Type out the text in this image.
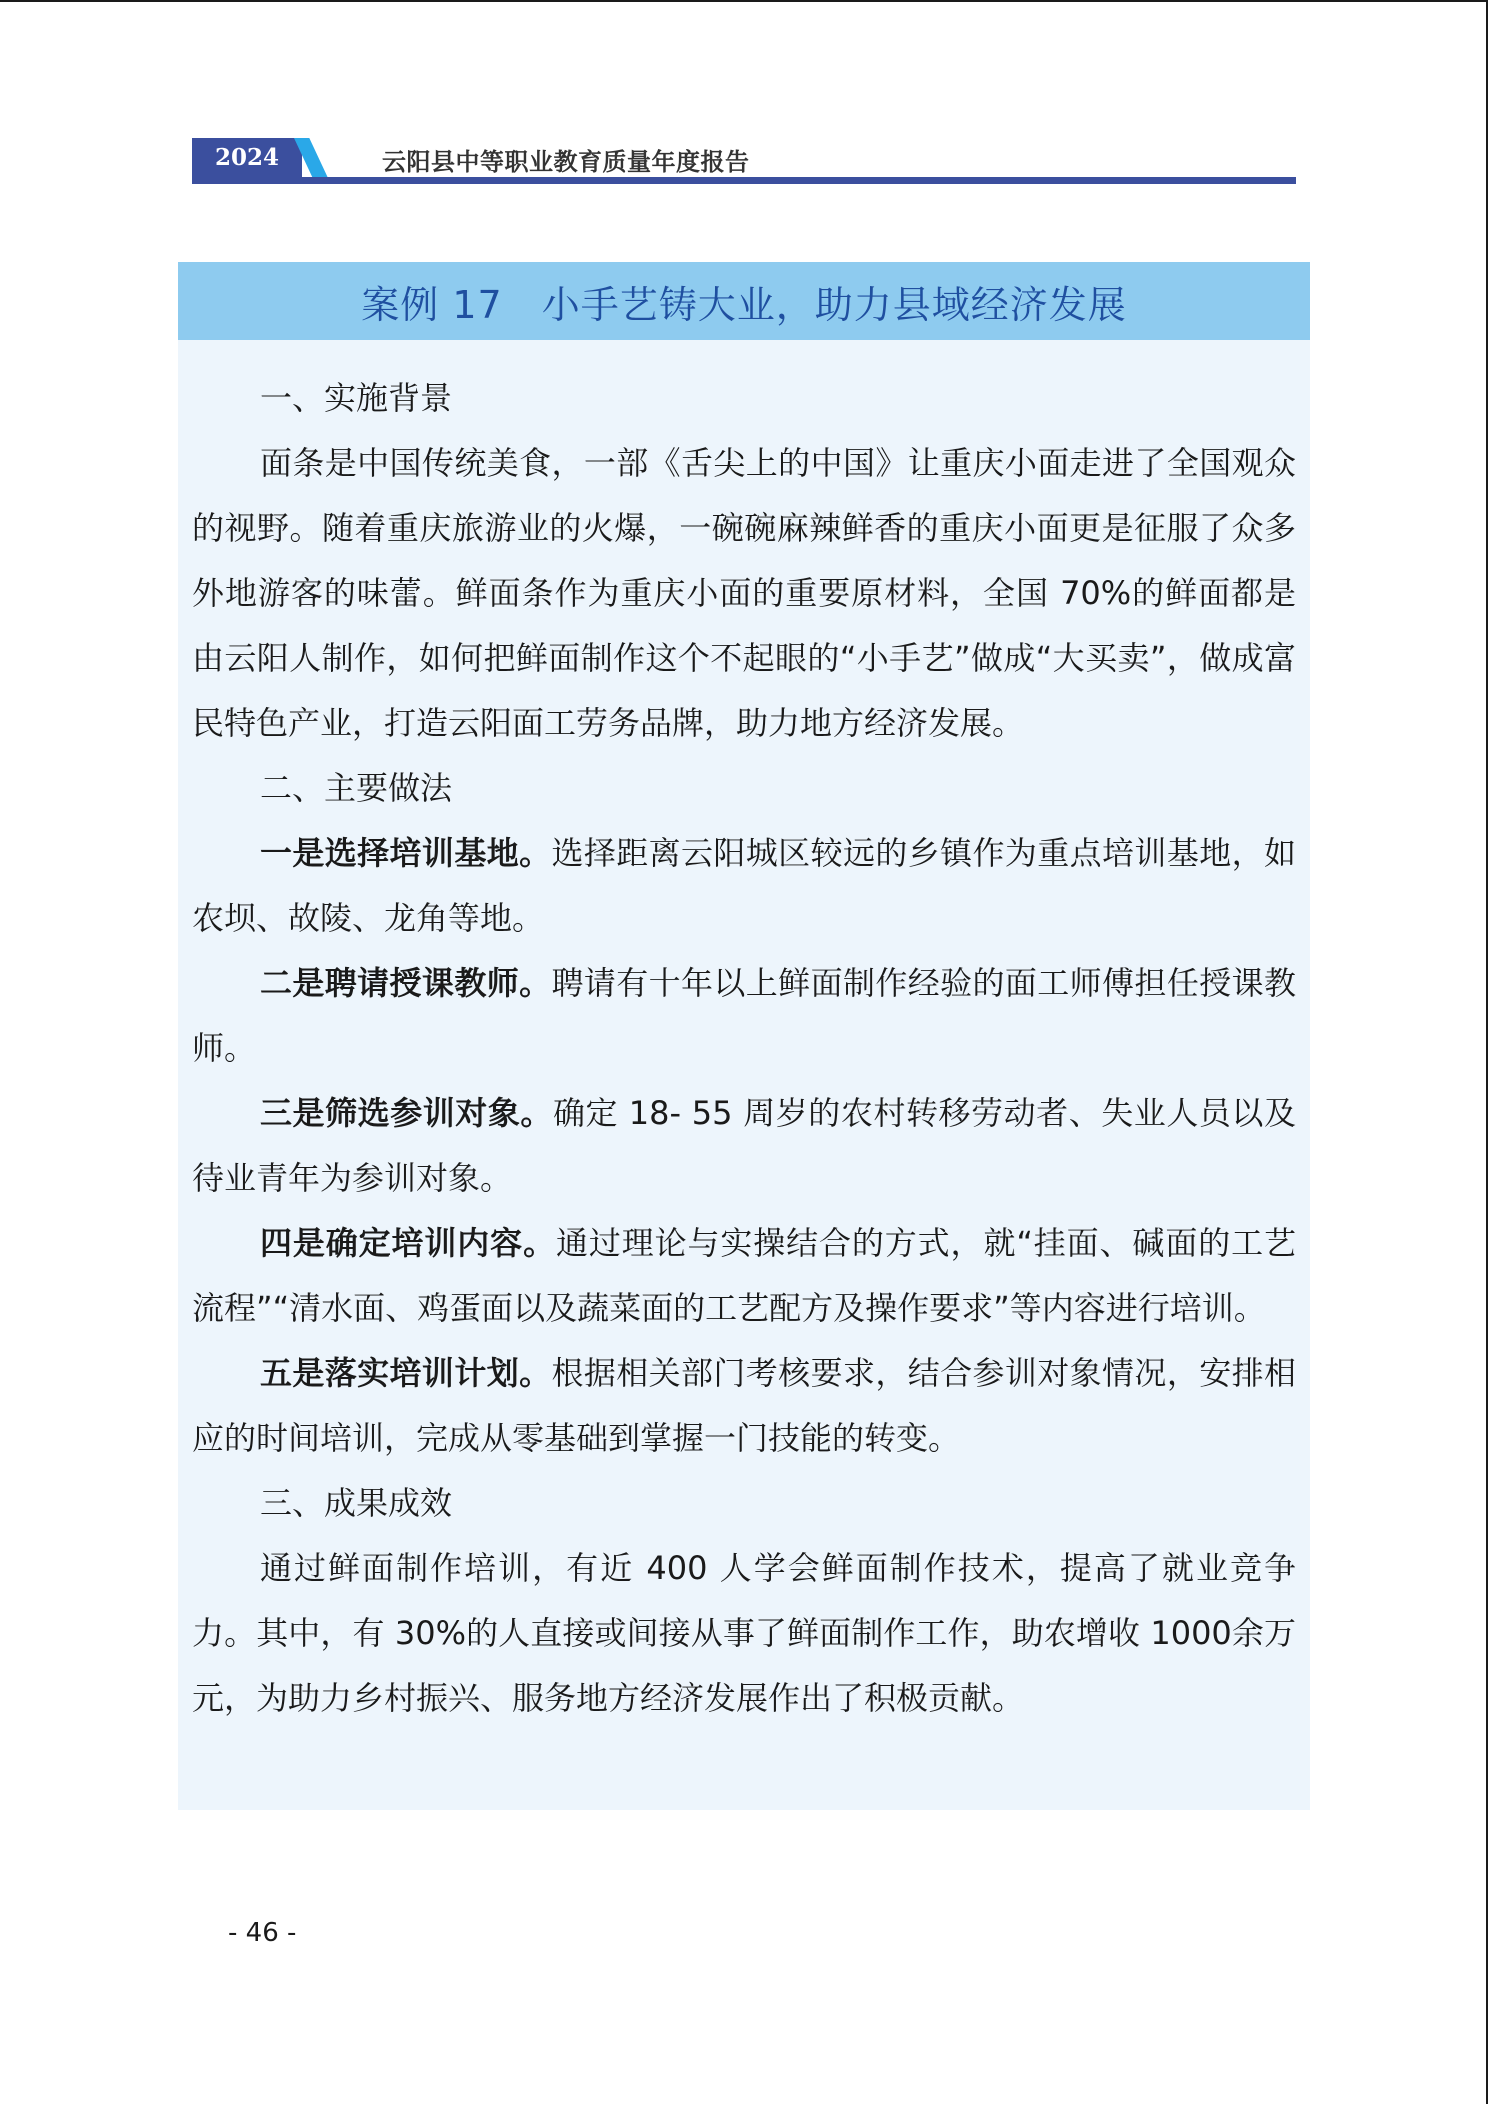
2024	云阳县中等职业教育质量年度报告
案例 17　小手艺铸大业，助力县域经济发展

一、实施背景

面条是中国传统美食，一部《舌尖上的中国》让重庆小面走进了全国观众的视野。随着重庆旅游业的火爆，一碗碗麻辣鲜香的重庆小面更是征服了众多外地游客的味蕾。鲜面条作为重庆小面的重要原材料，全国 70%的鲜面都是由云阳人制作，如何把鲜面制作这个不起眼的“小手艺”做成“大买卖”，做成富民特色产业，打造云阳面工劳务品牌，助力地方经济发展。

二、主要做法

一是选择培训基地。选择距离云阳城区较远的乡镇作为重点培训基地，如农坝、故陵、龙角等地。

二是聘请授课教师。聘请有十年以上鲜面制作经验的面工师傅担任授课教师。

三是筛选参训对象。确定 18- 55 周岁的农村转移劳动者、失业人员以及待业青年为参训对象。

四是确定培训内容。通过理论与实操结合的方式，就“挂面、碱面的工艺流程”“清水面、鸡蛋面以及蔬菜面的工艺配方及操作要求”等内容进行培训。

五是落实培训计划。根据相关部门考核要求，结合参训对象情况，安排相应的时间培训，完成从零基础到掌握一门技能的转变。

三、成果成效

通过鲜面制作培训，有近 400 人学会鲜面制作技术，提高了就业竞争力。其中，有 30%的人直接或间接从事了鲜面制作工作，助农增收 1000余万元，为助力乡村振兴、服务地方经济发展作出了积极贡献。

- 46 -
